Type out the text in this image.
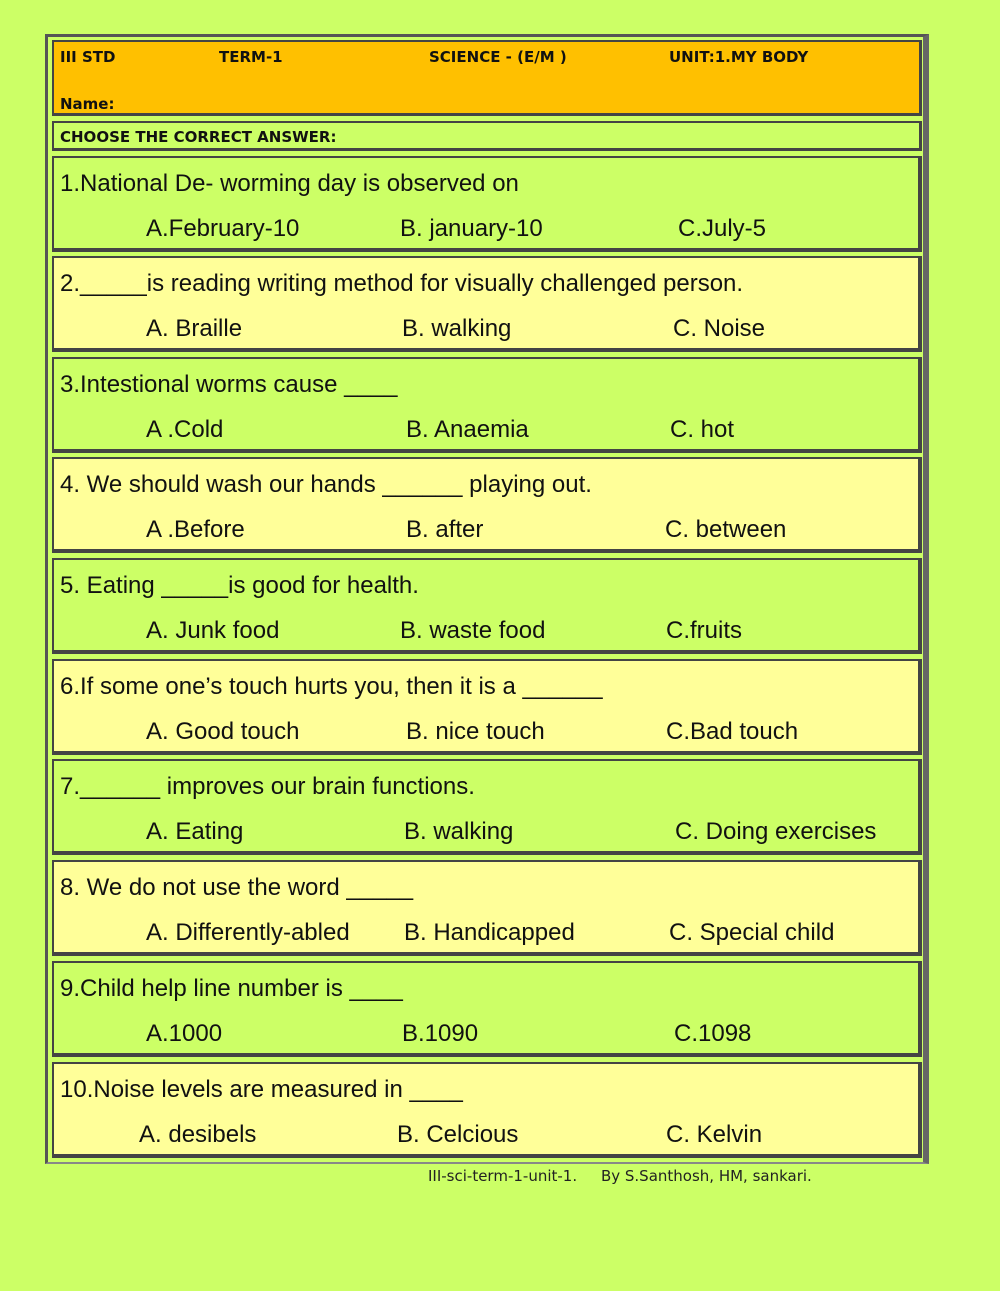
III STD	TERM-1	SCIENCE - (E/M )	UNIT:1.MY BODY
Name:
CHOOSE THE CORRECT ANSWER:
1.National De- worming day is observed on
A.February-10	B. january-10	C.July-5
2._____is reading writing method for visually challenged person.
A. Braille	B. walking	C. Noise
3.Intestional worms cause ____
A .Cold	B. Anaemia	C. hot
4. We should wash our hands ______ playing out.
A .Before	B. after	C. between
5. Eating _____is good for health.
A. Junk food	B. waste food	C.fruits
6.If some one’s touch hurts you, then it is a ______
A. Good touch	B. nice touch	C.Bad touch
7.______ improves our brain functions.
A. Eating	B. walking	C. Doing exercises
8. We do not use the word _____
A. Differently-abled B. Handicapped	C. Special child
9.Child help line number is ____
A.1000	B.1090	C.1098
10.Noise levels are measured in ____
A. desibels	B. Celcious	C. Kelvin
III-sci-term-1-unit-1.     By S.Santhosh, HM, sankari.
